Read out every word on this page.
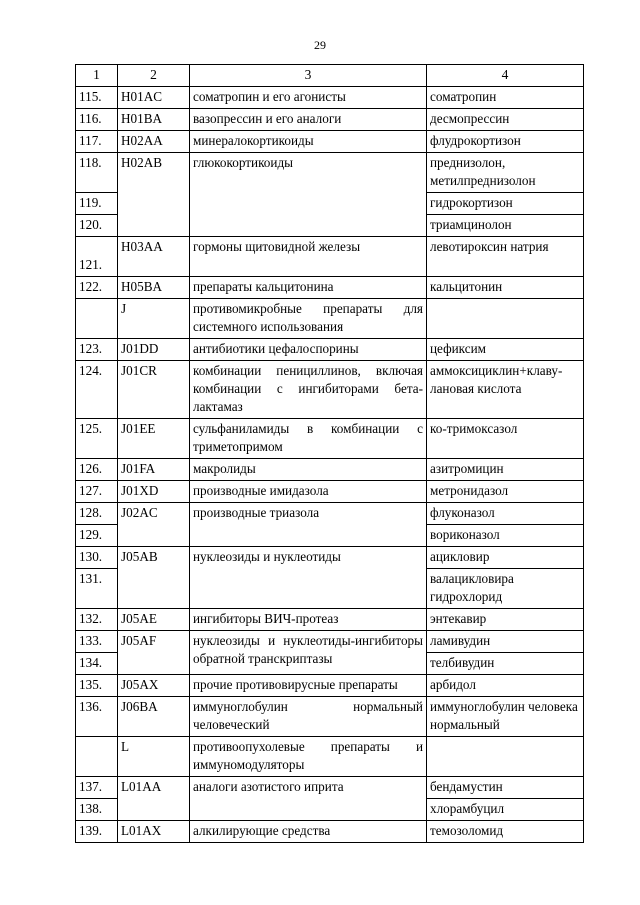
29
1	2	3	4
115.	H01AC	соматропин и его агонисты	соматропин
116.	H01BA	вазопрессин и его аналоги	десмопрессин
117.	H02AA	минералокортикоиды	флудрокортизон
118.	H02AB	глюкокортикоиды	преднизолон, метилпреднизолон
119.			гидрокортизон
120.			триамцинолон
121.	H03AA	гормоны щитовидной железы	левотироксин натрия
122.	H05BA	препараты кальцитонина	кальцитонин
	J	противомикробные препараты для системного использования	
123.	J01DD	антибиотики цефалоспорины	цефиксим
124.	J01CR	комбинации пенициллинов, включая комбинации с ингибиторами бета-лактамаз	аммоксициклин+клаву-лановая кислота
125.	J01EE	сульфаниламиды в комбинации с триметопримом	ко-тримоксазол
126.	J01FA	макролиды	азитромицин
127.	J01XD	производные имидазола	метронидазол
128.	J02AC	производные триазола	флуконазол
129.			вориконазол
130.	J05AB	нуклеозиды и нуклеотиды	ацикловир
131.			валацикловира гидрохлорид
132.	J05AE	ингибиторы ВИЧ-протеаз	энтекавир
133.	J05AF	нуклеозиды и нуклеотиды-ингибиторы обратной транскриптазы	ламивудин
134.			телбивудин
135.	J05AX	прочие противовирусные препараты	арбидол
136.	J06BA	иммуноглобулин нормальный человеческий	иммуноглобулин человека нормальный
	L	противоопухолевые препараты и иммуномодуляторы	
137.	L01AA	аналоги азотистого иприта	бендамустин
138.			хлорамбуцил
139.	L01AX	алкилирующие средства	темозоломид
